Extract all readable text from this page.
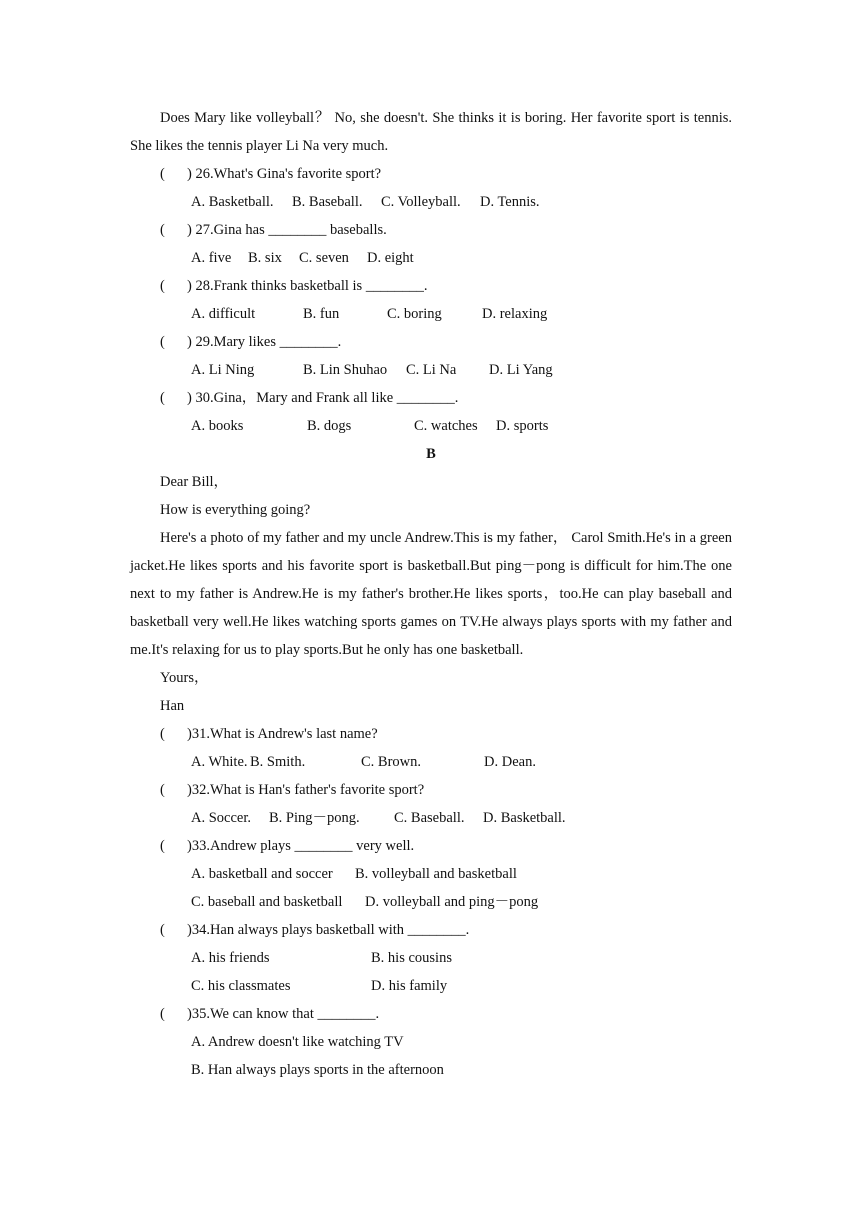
Does Mary like volleyball？ No, she doesn't. She thinks it is boring. Her favorite sport is tennis. She likes the tennis player Li Na very much.

( ) 26.What's Gina's favorite sport?

A. Basketball. B. Baseball. C. Volleyball. D. Tennis.

( ) 27.Gina has ________ baseballs.

A. five B. six C. seven D. eight

( ) 28.Frank thinks basketball is ________.

A. difficult	B. fun	C. boring	D. relaxing

( ) 29.Mary likes ________.

A. Li Ning	B. Lin Shuhao C. Li Na D. Li Yang

( ) 30.Gina，Mary and Frank all like ________.

A. books	B. dogs	C. watches D. sports

B

Dear Bill，

How is everything going?

Here's a photo of my father and my uncle Andrew.This is my father， Carol Smith.He's in a green jacket.He likes sports and his favorite sport is basketball.But ping－pong is difficult for him.The one next to my father is Andrew.He is my father's brother.He likes sports，too.He can play baseball and basketball very well.He likes watching sports games on TV.He always plays sports with my father and me.It's relaxing for us to play sports.But he only has one basketball.

Yours，

Han

( )31.What is Andrew's last name?

A. White. B. Smith.	C. Brown.	D. Dean.

( )32.What is Han's father's favorite sport?

A. Soccer. B. Ping－pong. C. Baseball. D. Basketball.

( )33.Andrew plays ________ very well.

A. basketball and soccer B. volleyball and basketball

C. baseball and basketball D. volleyball and ping－pong

( )34.Han always plays basketball with ________.

A. his friends	B. his cousins

C. his classmates	D. his family

( )35.We can know that ________.

A. Andrew doesn't like watching TV

B. Han always plays sports in the afternoon
